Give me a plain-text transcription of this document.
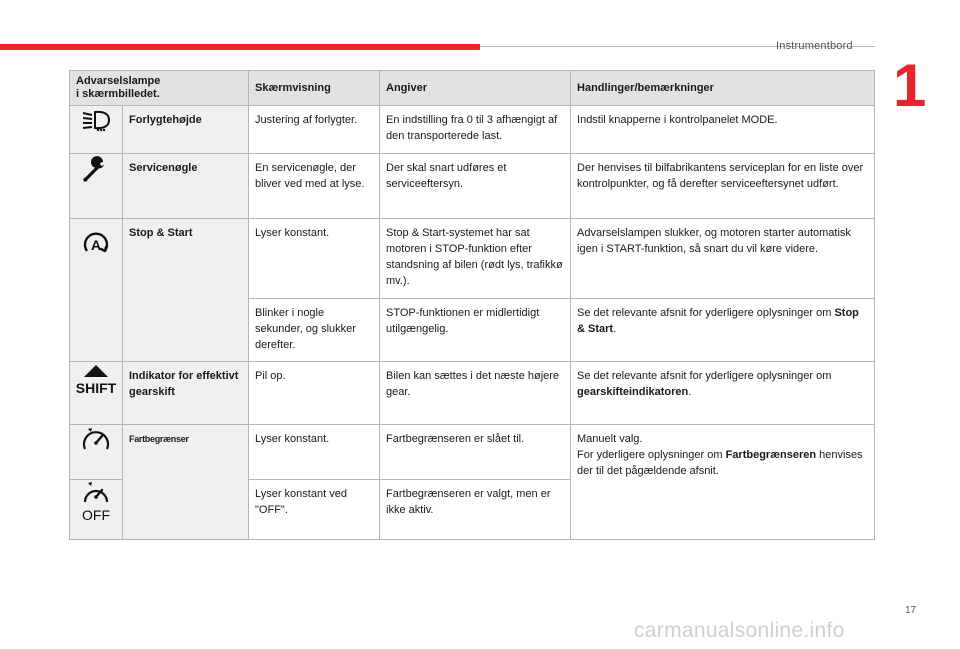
Instrumentbord
1
Advarselslampe
i skærmbilledet.		Skærmvisning	Angiver	Handlinger/bemærkninger

	Forlygtehøjde	Justering af forlygter.	En indstilling fra 0 til 3 afhængigt af den transporterede last.	Indstil knapperne i kontrolpanelet MODE.

	Servicenøgle	En servicenøgle, der bliver ved med at lyse.	Der skal snart udføres et serviceeftersyn.	Der henvises til bilfabrikantens serviceplan for en liste over kontrolpunkter, og få derefter serviceeftersynet udført.

A	Stop & Start	Lyser konstant.	Stop & Start-systemet har sat motoren i STOP-funktion efter standsning af bilen (rødt lys, trafikkø mv.).	Advarselslampen slukker, og motoren starter automatisk igen i START-funktion, så snart du vil køre videre.
		Blinker i nogle sekunder, og slukker derefter.	STOP-funktionen er midlertidigt utilgængelig.	Se det relevante afsnit for yderligere oplysninger om Stop & Start.

SHIFT	Indikator for effektivt gearskift	Pil op.	Bilen kan sættes i det næste højere gear.	Se det relevante afsnit for yderligere oplysninger om gearskifteindikatoren.

	Fartbegrænser	Lyser konstant.	Fartbegrænseren er slået til.	Manuelt valg.
For yderligere oplysninger om Fartbegrænseren henvises der til det pågældende afsnit.

OFF		Lyser konstant ved "OFF".	Fartbegrænseren er valgt, men er ikke aktiv.	
17
carmanualsonline.info
